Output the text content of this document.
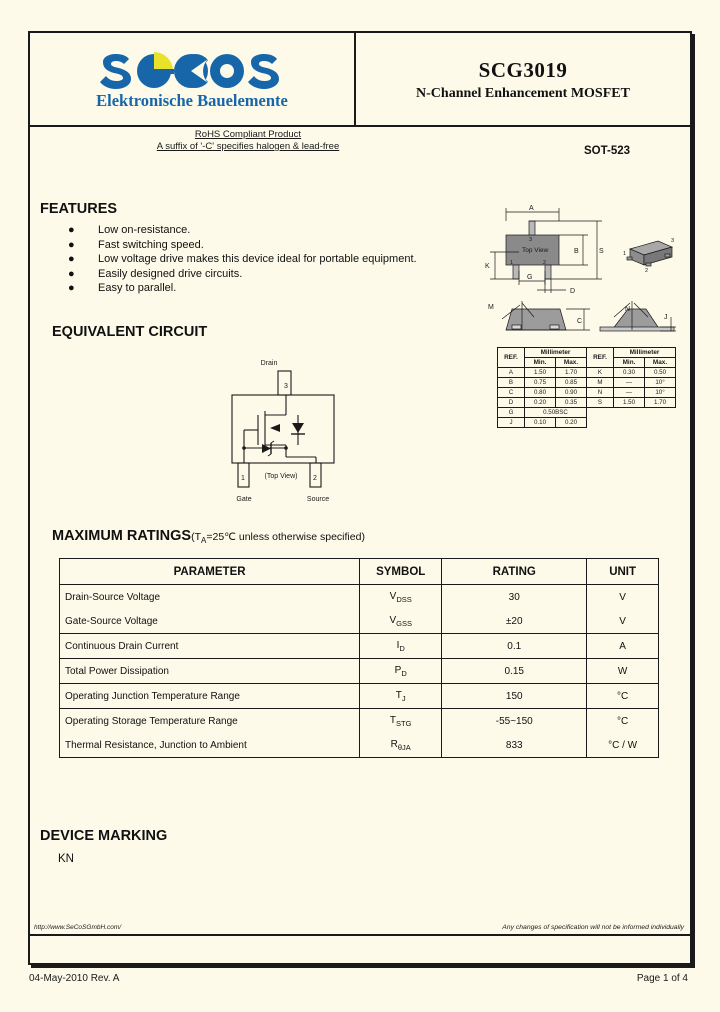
Elektronische Bauelemente
SCG3019
N-Channel Enhancement MOSFET
RoHS Compliant Product
A suffix of '-C' specifies halogen & lead-free	SOT-523
FEATURES
●	Low on-resistance.
●	Fast switching speed.
●	Low voltage drive makes this device ideal for portable equipment.
●	Easily designed drive circuits.
●	Easy to parallel.
EQUIVALENT CIRCUIT
Drain
3
1	2
Gate	Source
(Top View)
A
B	S
K
G
D
C
M	N
J
Top View
1	2
3
1
2
3
REF.	Millimeter		REF.	Millimeter	
	Min.	Max.		Min.	Max.
A	1.50	1.70	K	0.30	0.50
B	0.75	0.85	M	—	10°
C	0.80	0.90	N	—	10°
D	0.20	0.35	S	1.50	1.70
G	0.50BSC				
J	0.10	0.20			
MAXIMUM $RATINGS(T_A=25℃$ unless otherwise specified)
PARAMETER	SYMBOL	RATING	UNIT
Drain-Source Voltage	$V_{DSS}$	30	V
Gate-Source Voltage	$V_{GSS}$	±20	V
Continuous Drain Current	$I_D$	0.1	A
Total Power Dissipation	$P_D$	0.15	W
Operating Junction Temperature Range	$T_J$	150	°C
Operating Storage Temperature Range	$T_{STG}$	-55~150	°C
Thermal Resistance, Junction to Ambient	$R_{\theta JA}$	833	°C / W
DEVICE MARKING
KN
http://www.SeCoSGmbH.com/	Any changes of specification will not be informed individually
04-May-2010 Rev. A	Page 1 of 4
